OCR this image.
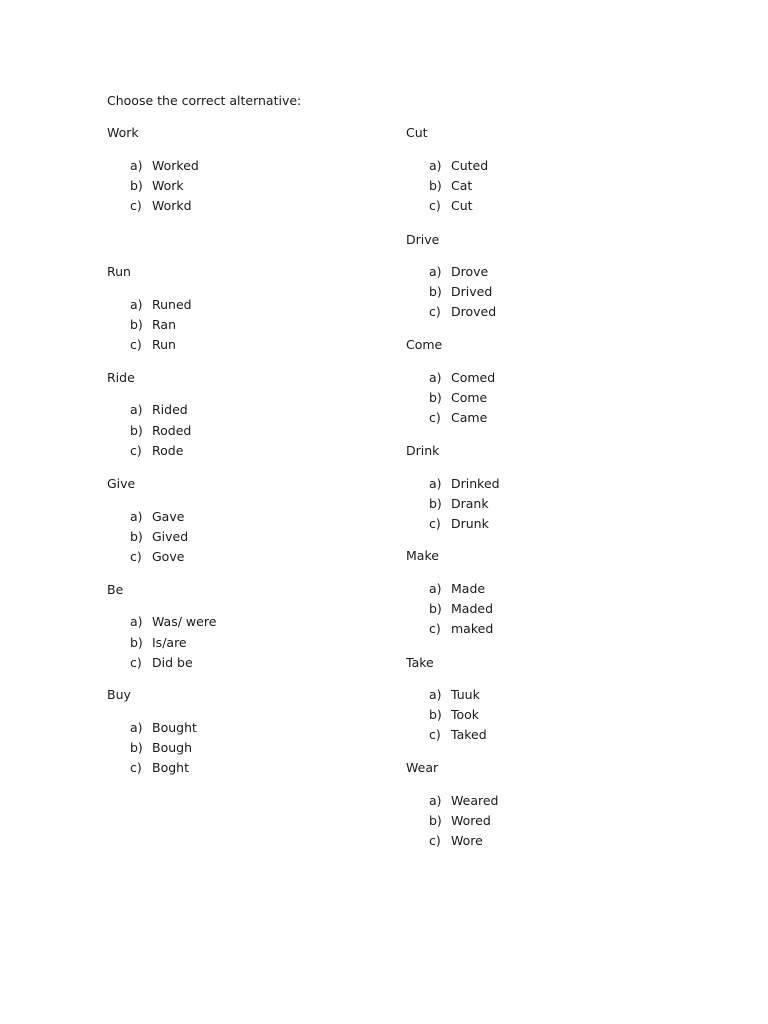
Choose the correct alternative:
Work
a) Worked
b) Work
c) Workd
Run
a) Runed
b) Ran
c) Run
Ride
a) Rided
b) Roded
c) Rode
Give
a) Gave
b) Gived
c) Gove
Be
a) Was/ were
b) Is/are
c) Did be
Buy
a) Bought
b) Bough
c) Boght
Cut
a) Cuted
b) Cat
c) Cut
Drive
a) Drove
b) Drived
c) Droved
Come
a) Comed
b) Come
c) Came
Drink
a) Drinked
b) Drank
c) Drunk
Make
a) Made
b) Maded
c) maked
Take
a) Tuuk
b) Took
c) Taked
Wear
a) Weared
b) Wored
c) Wore
